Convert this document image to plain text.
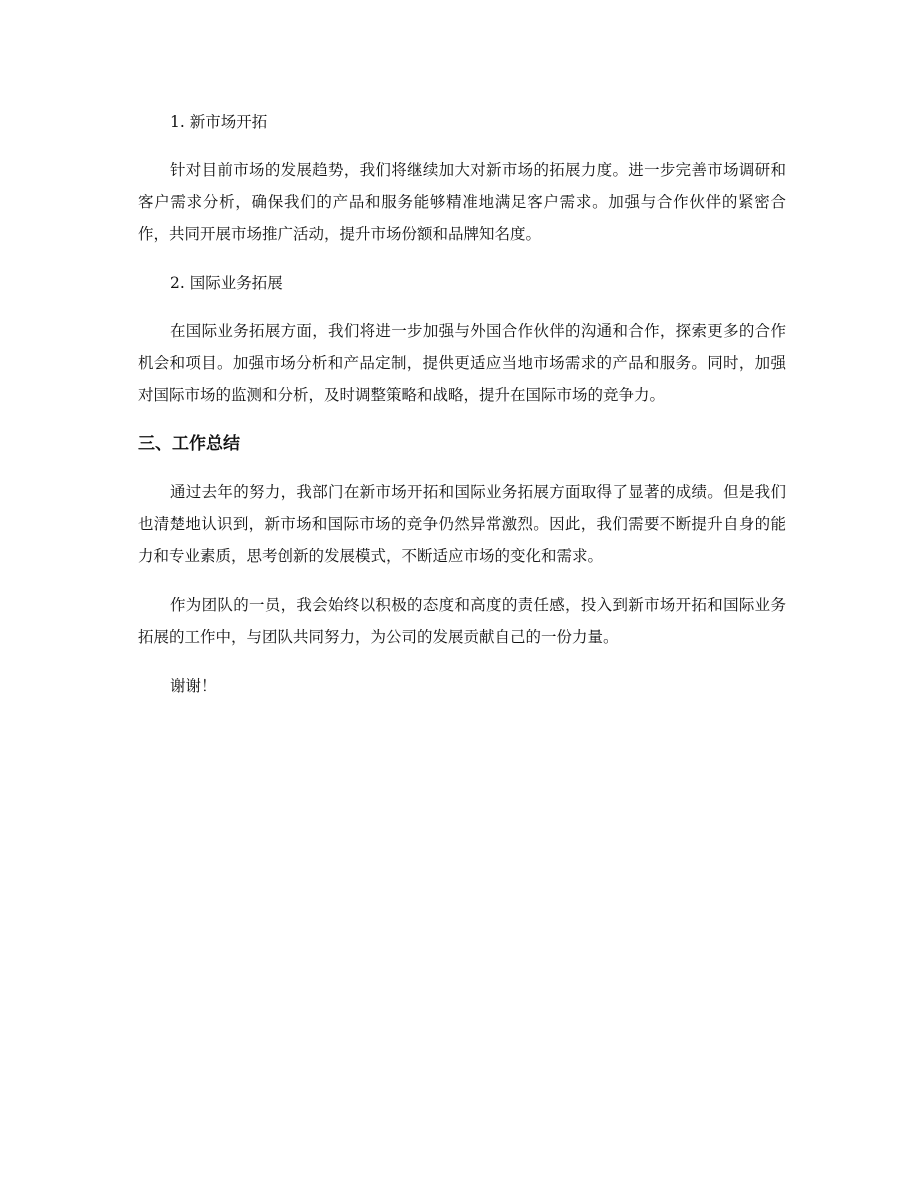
1. 新市场开拓

针对目前市场的发展趋势，我们将继续加大对新市场的拓展力度。进一步完善市场调研和客户需求分析，确保我们的产品和服务能够精准地满足客户需求。加强与合作伙伴的紧密合作，共同开展市场推广活动，提升市场份额和品牌知名度。

2. 国际业务拓展

在国际业务拓展方面，我们将进一步加强与外国合作伙伴的沟通和合作，探索更多的合作机会和项目。加强市场分析和产品定制，提供更适应当地市场需求的产品和服务。同时，加强对国际市场的监测和分析，及时调整策略和战略，提升在国际市场的竞争力。

三、工作总结

通过去年的努力，我部门在新市场开拓和国际业务拓展方面取得了显著的成绩。但是我们也清楚地认识到，新市场和国际市场的竞争仍然异常激烈。因此，我们需要不断提升自身的能力和专业素质，思考创新的发展模式，不断适应市场的变化和需求。

作为团队的一员，我会始终以积极的态度和高度的责任感，投入到新市场开拓和国际业务拓展的工作中，与团队共同努力，为公司的发展贡献自己的一份力量。

谢谢！
